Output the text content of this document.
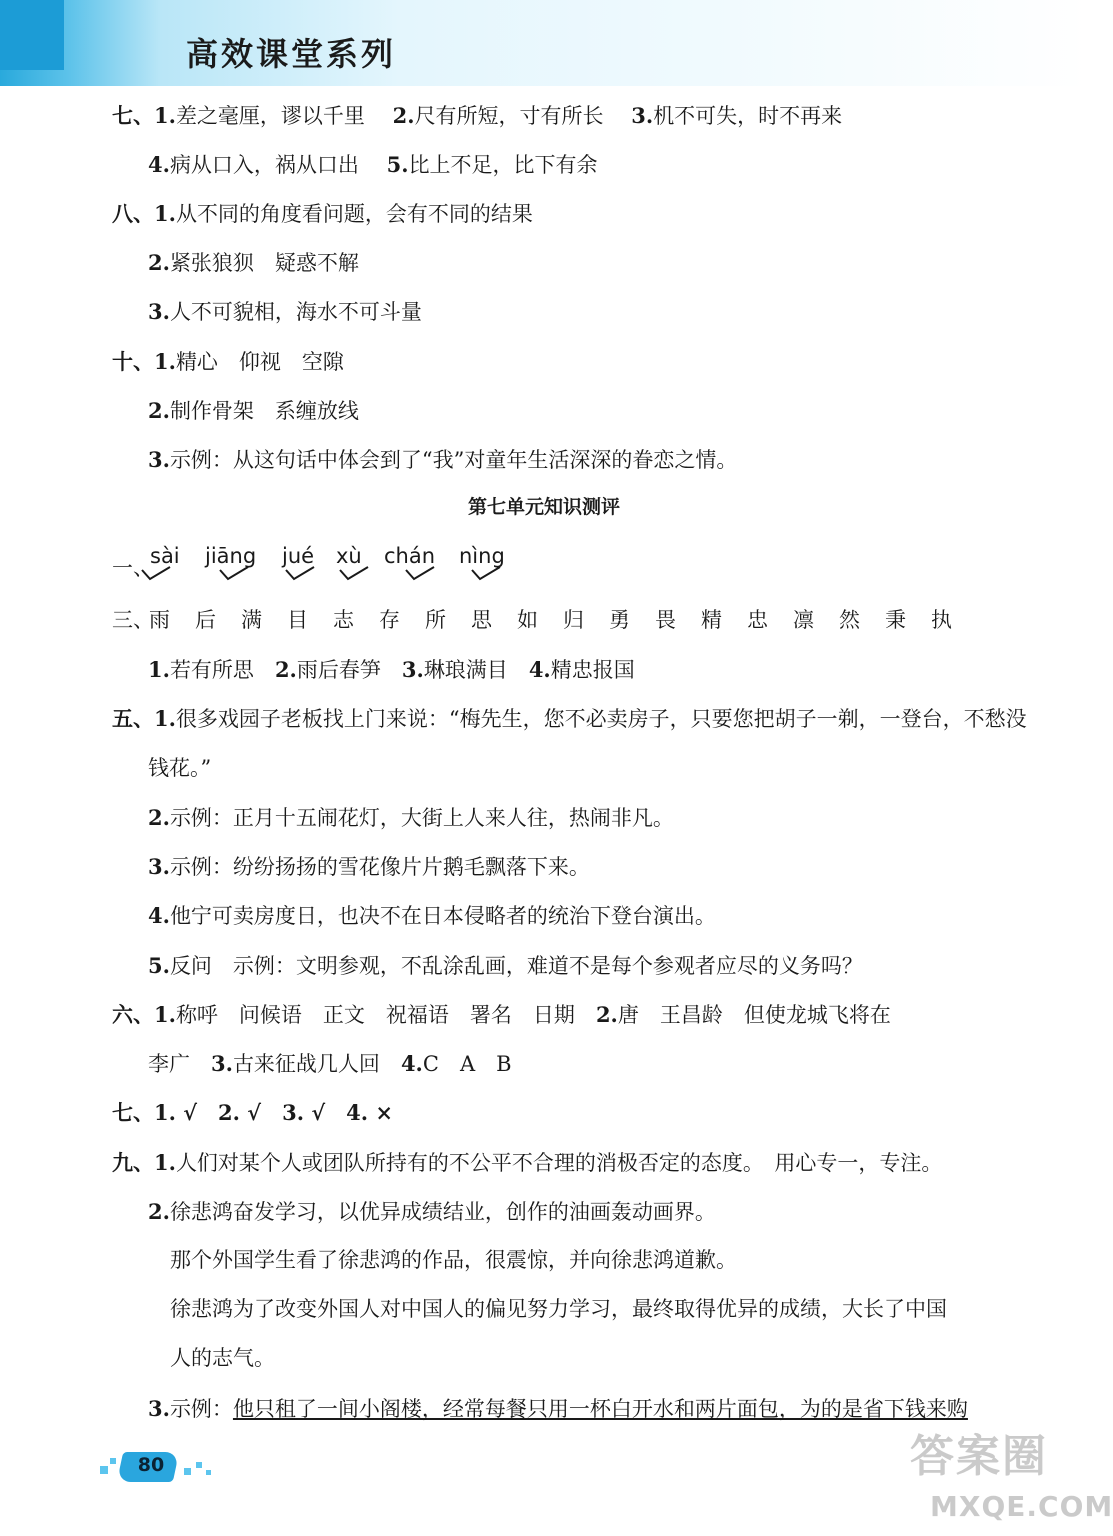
高效课堂系列
七、1.差之毫厘，谬以千里　 2.尺有所短，寸有所长　 3.机不可失，时不再来
4.病从口入，祸从口出　 5.比上不足，比下有余
八、1.从不同的角度看问题，会有不同的结果
2.紧张狼狈　疑惑不解
3.人不可貌相，海水不可斗量
十、1.精心　仰视　空隙
2.制作骨架　系缠放线
3.示例：从这句话中体会到了“我”对童年生活深深的眷恋之情。
第七单元知识测评
一、
sài jiāng jué xù chán nìng
三、
雨 后 满 目 志 存 所 思 如 归 勇 畏 精 忠 凛 然 秉 执
1.若有所思　 2.雨后春笋　 3.琳琅满目　 4.精忠报国
五、1.很多戏园子老板找上门来说：“梅先生，您不必卖房子，只要您把胡子一剃，一登台，不愁没
钱花。”
2.示例：正月十五闹花灯，大街上人来人往，热闹非凡。
3.示例：纷纷扬扬的雪花像片片鹅毛飘落下来。
4.他宁可卖房度日，也决不在日本侵略者的统治下登台演出。
5.反问　示例：文明参观，不乱涂乱画，难道不是每个参观者应尽的义务吗？
六、1.称呼　问候语　正文　祝福语　署名　日期　 2.唐　王昌龄　但使龙城飞将在
李广　 3.古来征战几人回　 4.C　A　B
七、1. √　2. √　3. √　4. ×
九、1.人们对某个人或团队所持有的不公平不合理的消极否定的态度。　用心专一，专注。
2.徐悲鸿奋发学习，以优异成绩结业，创作的油画轰动画界。
那个外国学生看了徐悲鸿的作品，很震惊，并向徐悲鸿道歉。
徐悲鸿为了改变外国人对中国人的偏见努力学习，最终取得优异的成绩，大长了中国
人的志气。
3.示例：他只租了一间小阁楼，经常每餐只用一杯白开水和两片面包，为的是省下钱来购
80	答案圈
MXQE.COM
